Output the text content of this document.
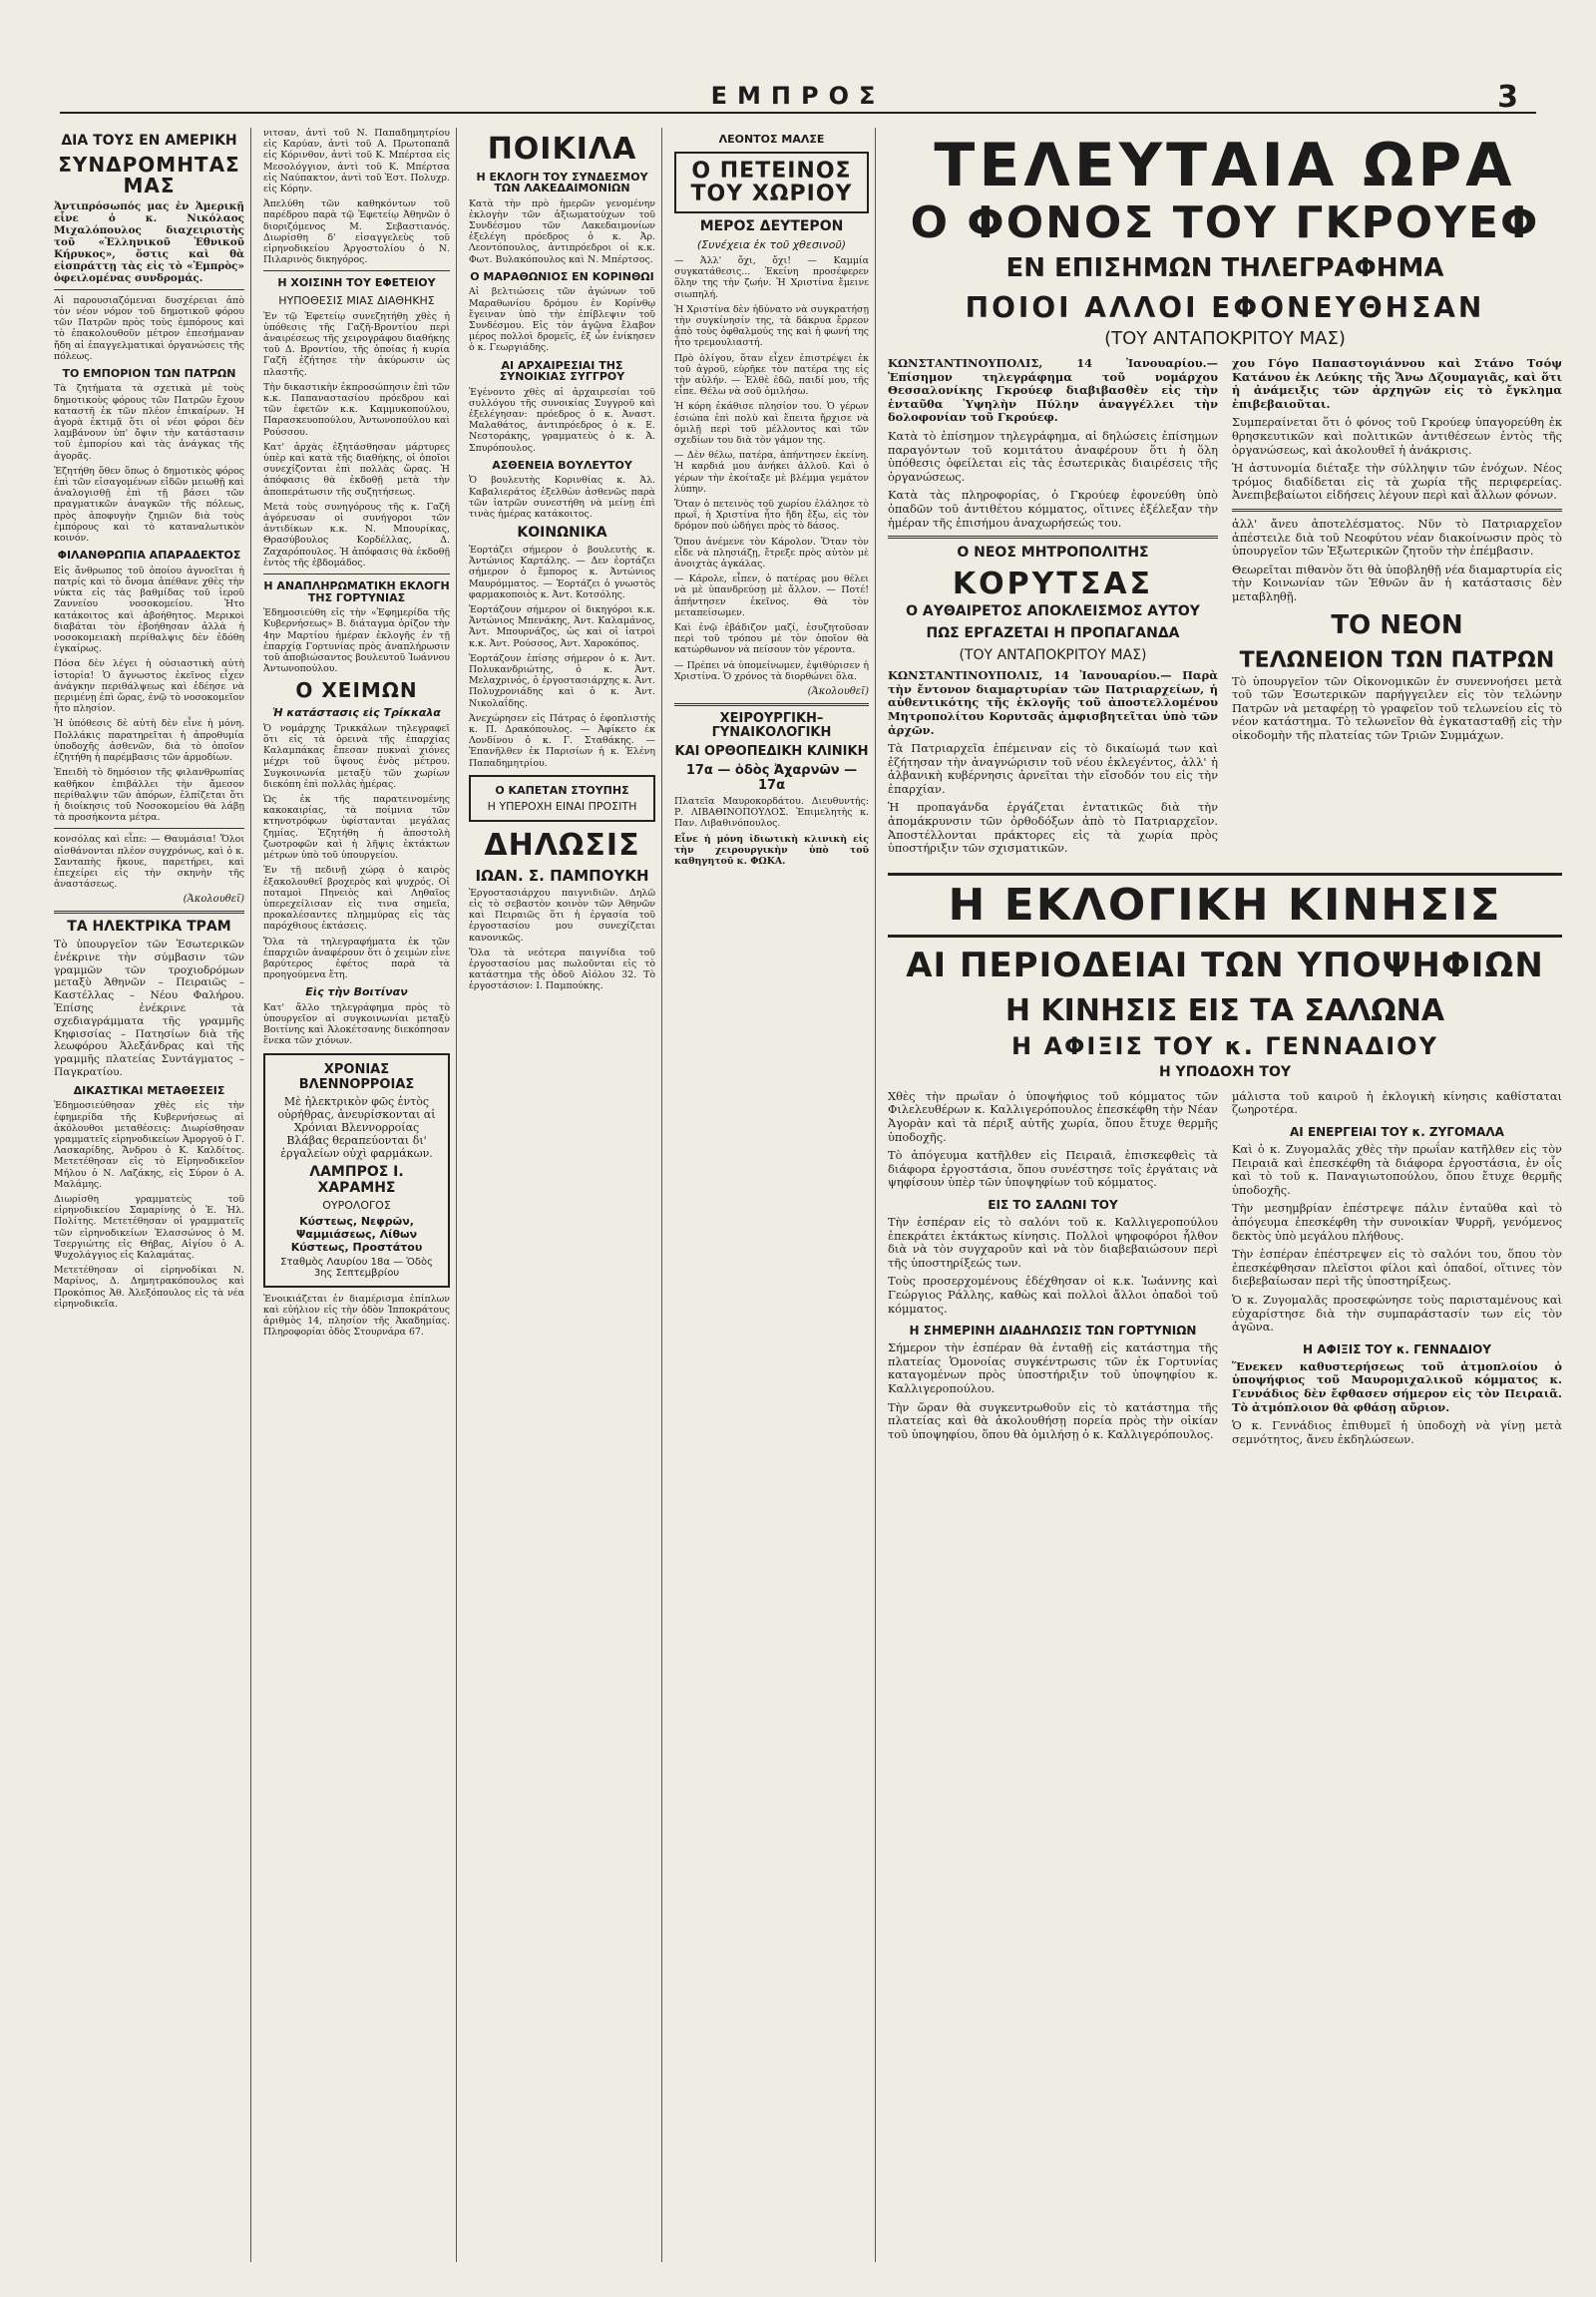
ΕΜΠΡΟΣ	3
ΔΙΑ ΤΟΥΣ ΕΝ ΑΜΕΡΙΚΗ
ΣΥΝΔΡΟΜΗΤΑΣ ΜΑΣ

Ἀντιπρόσωπός μας ἐν Ἀμερικῇ εἶνε ὁ κ. Νικόλαος Μιχαλόπουλος διαχειριστὴς τοῦ «Ἑλληνικοῦ Ἐθνικοῦ Κήρυκος», ὅστις καὶ θὰ εἰσπράττῃ τὰς εἰς τὸ «Ἐμπρὸς» ὀφειλομένας συνδρομάς.

Αἱ παρουσιαζόμεναι δυσχέρειαι ἀπὸ τὸν νέον νόμον τοῦ δημοτικοῦ φόρου τῶν Πατρῶν πρὸς τοὺς ἐμπόρους καὶ τὸ ἐπακολουθοῦν μέτρον ἐπεσήμαναν ἤδη αἱ ἐπαγγελματικαὶ ὀργανώσεις τῆς πόλεως.

ΤΟ ΕΜΠΟΡΙΟΝ ΤΩΝ ΠΑΤΡΩΝ

Τὰ ζητήματα τὰ σχετικὰ μὲ τοὺς δημοτικοὺς φόρους τῶν Πατρῶν ἔχουν καταστῆ ἐκ τῶν πλέον ἐπικαίρων. Ἡ ἀγορὰ ἐκτιμᾷ ὅτι οἱ νέοι φόροι δὲν λαμβάνουν ὑπ' ὄψιν τὴν κατάστασιν τοῦ ἐμπορίου καὶ τὰς ἀνάγκας τῆς ἀγορᾶς.

Ἐζητήθη ὅθεν ὅπως ὁ δημοτικὸς φόρος ἐπὶ τῶν εἰσαγομένων εἰδῶν μειωθῇ καὶ ἀναλογισθῇ ἐπὶ τῇ βάσει τῶν πραγματικῶν ἀναγκῶν τῆς πόλεως, πρὸς ἀποφυγὴν ζημιῶν διὰ τοὺς ἐμπόρους καὶ τὸ καταναλωτικὸν κοινόν.

ΦΙΛΑΝΘΡΩΠΙΑ ΑΠΑΡΑΔΕΚΤΟΣ

Εἰς ἄνθρωπος τοῦ ὁποίου ἀγνοεῖται ἡ πατρίς καὶ τὸ ὄνομα ἀπέθανε χθὲς τὴν νύκτα εἰς τὰς βαθμίδας τοῦ ἱεροῦ Ζαννείου νοσοκομείου. Ἡτο κατάκοιτος καὶ ἀβοήθητος. Μερικοὶ διαβάται τὸν ἐβοήθησαν ἀλλὰ ἡ νοσοκομειακὴ περίθαλψις δὲν ἐδόθη ἐγκαίρως.

Πόσα δὲν λέγει ἡ οὐσιαστικὴ αὐτὴ ἱστορία! Ὁ ἄγνωστος ἐκεῖνος εἶχεν ἀνάγκην περιθάλψεως καὶ ἐδέησε νὰ περιμένῃ ἐπὶ ὥρας, ἐνῷ τὸ νοσοκομεῖον ἦτο πλησίον.

Ἡ ὑπόθεσις δὲ αὐτὴ δὲν εἶνε ἡ μόνη. Πολλάκις παρατηρεῖται ἡ ἀπροθυμία ὑποδοχῆς ἀσθενῶν, διὰ τὸ ὁποῖον ἐζητήθη ἡ παρέμβασις τῶν ἁρμοδίων.

Ἐπειδὴ τὸ δημόσιον τῆς φιλανθρωπίας καθῆκον ἐπιβάλλει τὴν ἄμεσον περίθαλψιν τῶν ἀπόρων, ἐλπίζεται ὅτι ἡ διοίκησις τοῦ Νοσοκομείου θὰ λάβῃ τὰ προσήκοντα μέτρα.

κονσόλας καὶ εἶπε: — Θαυμάσια! Ὅλοι αἰσθάνονται πλέον συγχρόνως, καὶ ὁ κ. Σανταπὴς ἤκουε, παρετήρει, καὶ ἐπεχείρει εἰς τὴν σκηνὴν τῆς ἀναστάσεως.

(Ἀκολουθεῖ)
ΤΑ ΗΛΕΚΤΡΙΚΑ ΤΡΑΜ

Τὸ ὑπουργεῖον τῶν Ἐσωτερικῶν ἐνέκρινε τὴν σύμβασιν τῶν γραμμῶν τῶν τροχιοδρόμων μεταξὺ Ἀθηνῶν – Πειραιῶς – Καστέλλας – Νέου Φαλήρου. Ἐπίσης ἐνέκρινε τὰ σχεδιαγράμματα τῆς γραμμῆς Κηφισσίας – Πατησίων διὰ τῆς λεωφόρου Ἀλεξάνδρας καὶ τῆς γραμμῆς πλατείας Συντάγματος – Παγκρατίου.

ΔΙΚΑΣΤΙΚΑΙ ΜΕΤΑΘΕΣΕΙΣ

Ἐδημοσιεύθησαν χθὲς εἰς τὴν ἐφημερίδα τῆς Κυβερνήσεως αἱ ἀκόλουθοι μεταθέσεις: Διωρίσθησαν γραμματεῖς εἰρηνοδικείων Ἀμοργοῦ ὁ Γ. Λασκαρίδης, Ἄνδρου ὁ Κ. Καλδίτος. Μετετέθησαν εἰς τὸ Εἰρηνοδικεῖον Μήλου ὁ Ν. Λαζάκης, εἰς Σύρον ὁ Α. Μαλάμης.

Διωρίσθη γραμματεὺς τοῦ εἰρηνοδικείου Σαμαρίνης ὁ Ἐ. Ἡλ. Πολίτης. Μετετέθησαν οἱ γραμματεῖς τῶν εἰρηνοδικείων Ἐλασσώνος ὁ Μ. Τσεργιώτης εἰς Θήβας, Αἰγίου ὁ Α. Ψυχολάγγιος εἰς Καλαμάτας.

Μετετέθησαν οἱ εἰρηνοδίκαι Ν. Μαρίνος, Δ. Δημητρακόπουλος καὶ Προκόπιος Ἀθ. Ἀλεξόπουλος εἰς τὰ νέα εἰρηνοδικεῖα.

νιτσαν, ἀντὶ τοῦ Ν. Παπαδημητρίου εἰς Καρύαν, ἀντὶ τοῦ Α. Πρωτοπαπᾶ εἰς Κόρινθον, ἀντὶ τοῦ Κ. Μπέρτσα εἰς Μεσολόγγιον, ἀντὶ τοῦ Κ. Μπέρτσα εἰς Ναύπακτον, ἀντὶ τοῦ Ἐστ. Πολυχρ. εἰς Κόρην.

Ἀπελύθη τῶν καθηκόντων τοῦ παρέδρου παρὰ τῷ Ἐφετείῳ Ἀθηνῶν ὁ διοριζόμενος Μ. Σεβαστιανός. Διωρίσθη δ' εἰσαγγελεὺς τοῦ εἰρηνοδικείου Ἀργοστολίου ὁ Ν. Πιλαρινὸς δικηγόρος.

Η ΧΟΙΣΙΝΗ ΤΟΥ ΕΦΕΤΕΙΟΥ
ΗΥΠΟΘΕΣΙΣ ΜΙΑΣ ΔΙΑΘΗΚΗΣ

Ἐν τῷ Ἐφετείῳ συνεζητήθη χθὲς ἡ ὑπόθεσις τῆς Γαζῆ-Βροντίου περὶ ἀναιρέσεως τῆς χειρογράφου διαθήκης τοῦ Δ. Βροντίου, τῆς ὁποίας ἡ κυρία Γαζῆ ἐζήτησε τὴν ἀκύρωσιν ὡς πλαστῆς.

Τὴν δικαστικὴν ἐκπροσώπησιν ἐπὶ τῶν κ.κ. Παπαναστασίου πρόεδρου καὶ τῶν ἐφετῶν κ.κ. Καμμυκοπούλου, Παρασκευοπούλου, Ἀντωνοπούλου καὶ Ρούσσου.

Κατ' ἀρχὰς ἐξητάσθησαν μάρτυρες ὑπὲρ καὶ κατὰ τῆς διαθήκης, οἱ ὁποῖοι συνεχίζονται ἐπὶ πολλὰς ὥρας. Ἡ ἀπόφασις θὰ ἐκδοθῇ μετὰ τὴν ἀποπεράτωσιν τῆς συζητήσεως.

Μετὰ τοὺς συνηγόρους τῆς κ. Γαζῆ ἀγόρευσαν οἱ συνήγοροι τῶν ἀντιδίκων κ.κ. Ν. Μπουρίκας, Θρασύβουλος Κορδέλλας, Δ. Ζαχαρόπουλος. Ἡ ἀπόφασις θὰ ἐκδοθῇ ἐντὸς τῆς ἐβδομάδος.

Η ΑΝΑΠΛΗΡΩΜΑΤΙΚΗ ΕΚΛΟΓΗ ΤΗΣ ΓΟΡΤΥΝΙΑΣ

Ἐδημοσιεύθη εἰς τὴν «Ἐφημερίδα τῆς Κυβερνήσεως» Β. διάταγμα ὁρίζον τὴν 4ην Μαρτίου ἡμέραν ἐκλογῆς ἐν τῇ ἐπαρχίᾳ Γορτυνίας πρὸς ἀναπλήρωσιν τοῦ ἀποβιώσαντος βουλευτοῦ Ἰωάννου Ἀντωνοπούλου.

Ο ΧΕΙΜΩΝ
Ἡ κατάστασις εἰς Τρίκκαλα

Ὁ νομάρχης Τρικκάλων τηλεγραφεῖ ὅτι εἰς τὰ ὀρεινὰ τῆς ἐπαρχίας Καλαμπάκας ἔπεσαν πυκναὶ χιόνες μέχρι τοῦ ὕψους ἑνὸς μέτρου. Συγκοινωνία μεταξὺ τῶν χωρίων διεκόπη ἐπὶ πολλὰς ἡμέρας.

Ὡς ἐκ τῆς παρατεινομένης κακοκαιρίας, τὰ ποίμνια τῶν κτηνοτρόφων ὑφίστανται μεγάλας ζημίας. Ἐζητήθη ἡ ἀποστολὴ ζωοτροφῶν καὶ ἡ λῆψις ἐκτάκτων μέτρων ὑπὸ τοῦ ὑπουργείου.

Ἐν τῇ πεδινῇ χώρᾳ ὁ καιρὸς ἐξακολουθεῖ βροχερὸς καὶ ψυχρός. Οἱ ποταμοὶ Πηνειὸς καὶ Ληθαῖος ὑπερεχείλισαν εἰς τινα σημεῖα, προκαλέσαντες πλημμύρας εἰς τὰς παρόχθιους ἐκτάσεις.

Ὅλα τὰ τηλεγραφήματα ἐκ τῶν ἐπαρχιῶν ἀναφέρουν ὅτι ὁ χειμὼν εἶνε βαρύτερος ἐφέτος παρὰ τὰ προηγούμενα ἔτη.

Εἰς τὴν Βοιτίναν

Κατ' ἄλλο τηλεγράφημα πρὸς τὸ ὑπουργεῖον αἱ συγκοινωνίαι μεταξὺ Βοιτίνης καὶ Ἀλοκέτσανης διεκόπησαν ἕνεκα τῶν χιόνων.

ΧΡΟΝΙΑΣ ΒΛΕΝΝΟΡΡΟΙΑΣ

Μὲ ἠλεκτρικὸν φῶς ἐντὸς οὐρήθρας, ἀνευρίσκονται αἱ Χρόνιαι Βλεννορροίας Βλάβας θεραπεύονται δι' ἐργαλείων οὐχὶ φαρμάκων.

ΛΑΜΠΡΟΣ Ι. ΧΑΡΑΜΗΣ
ΟΥΡΟΛΟΓΟΣ
Κύστεως, Νεφρῶν, Ψαμμιάσεως, Λίθων Κύστεως, Προστάτου
Σταθμὸς Λαυρίου 18α — Ὁδὸς 3ης Σεπτεμβρίου

Ἐνοικιάζεται ἐν διαμέρισμα ἐπίπλων καὶ εὐήλιον εἰς τὴν ὁδὸν Ἱπποκράτους ἀριθμὸς 14, πλησίον τῆς Ἀκαδημίας. Πληροφορίαι ὁδὸς Στουρνάρα 67.

ΠΟΙΚΙΛΑ
Η ΕΚΛΟΓΗ ΤΟΥ ΣΥΝΔΕΣΜΟΥ ΤΩΝ ΛΑΚΕΔΑΙΜΟΝΙΩΝ

Κατὰ τὴν πρὸ ἡμερῶν γενομένην ἐκλογὴν τῶν ἀξιωματούχων τοῦ Συνδέσμου τῶν Λακεδαιμονίων ἐξελέγη πρόεδρος ὁ κ. Ἀρ. Λεοντόπουλος, ἀντιπρόεδροι οἱ κ.κ. Φωτ. Βυλακόπουλος καὶ Ν. Μπέρτσος.

Ο ΜΑΡΑΘΩΝΙΟΣ ΕΝ ΚΟΡΙΝΘΩΙ

Αἱ βελτιώσεις τῶν ἀγώνων τοῦ Μαραθωνίου δρόμου ἐν Κορίνθῳ ἔγειναν ὑπὸ τὴν ἐπίβλεψιν τοῦ Συνδέσμου. Εἰς τὸν ἀγῶνα ἔλαβον μέρος πολλοὶ δρομεῖς, ἐξ ὧν ἐνίκησεν ὁ κ. Γεωργιάδης.

ΑΙ ΑΡΧΑΙΡΕΣΙΑΙ ΤΗΣ ΣΥΝΟΙΚΙΑΣ ΣΥΓΓΡΟΥ

Ἐγένοντο χθὲς αἱ ἀρχαιρεσίαι τοῦ συλλόγου τῆς συνοικίας Συγγροῦ καὶ ἐξελέγησαν: πρόεδρος ὁ κ. Ἀναστ. Μαλαθάτος, ἀντιπρόεδρος ὁ κ. Ε. Νεστοράκης, γραμματεὺς ὁ κ. Ἀ. Σπυρόπουλος.

ΑΣΘΕΝΕΙΑ ΒΟΥΛΕΥΤΟΥ

Ὁ βουλευτὴς Κορινθίας κ. Ἀλ. Καβαλιεράτος ἐξελθὼν ἀσθενῶς παρὰ τῶν ἰατρῶν συνεστήθη νὰ μείνῃ ἐπὶ τινὰς ἡμέρας κατάκοιτος.

ΚΟΙΝΩΝΙΚΑ

Ἑορτάζει σήμερον ὁ βουλευτὴς κ. Ἀντώνιος Καρτάλης. — Δεν ἑορτάζει σήμερον ὁ ἔμπορος κ. Ἀντώνιος Μαυρόμματος. — Ἑορτάζει ὁ γνωστὸς φαρμακοποιὸς κ. Ἀντ. Κοτσόλης.

Ἑορτάζουν σήμερον οἱ δικηγόροι κ.κ. Ἀντώνιος Μπενάκης, Ἀντ. Καλαμάνος, Ἀντ. Μπουρνάζος, ὡς καὶ οἱ ἰατροὶ κ.κ. Ἀντ. Ρούσσος, Ἀντ. Χαροκόπος.

Ἑορτάζουν ἐπίσης σήμερον ὁ κ. Ἀντ. Πολυκανδριώτης, ὁ κ. Ἀντ. Μελαχρινός, ὁ ἐργοστασιάρχης κ. Ἀντ. Πολυχρονιάδης καὶ ὁ κ. Ἀντ. Νικολαΐδης.

Ἀνεχώρησεν εἰς Πάτρας ὁ ἐφοπλιστὴς κ. Π. Δρακόπουλος. — Ἀφίκετο ἐκ Λονδίνου ὁ κ. Γ. Σταθάκης. — Ἐπανῆλθεν ἐκ Παρισίων ἡ κ. Ἑλένη Παπαδημητρίου.

Ο ΚΑΠΕΤΑΝ ΣΤΟΥΠΗΣ
Η ΥΠΕΡΟΧΗ ΕΙΝΑΙ ΠΡΟΣΙΤΗ
ΔΗΛΩΣΙΣ
ΙΩΑΝ. Σ. ΠΑΜΠΟΥΚΗ

Ἐργοστασιάρχου παιγνιδιῶν. Δηλῶ εἰς τὸ σεβαστὸν κοινὸν τῶν Ἀθηνῶν καὶ Πειραιῶς ὅτι ἡ ἐργασία τοῦ ἐργοστασίου μου συνεχίζεται κανονικῶς.

Ὅλα τὰ νεότερα παιγνίδια τοῦ ἐργοστασίου μας πωλοῦνται εἰς τὸ κατάστημα τῆς ὁδοῦ Αἰόλου 32. Τὸ ἐργοστάσιον: Ι. Παμπούκης.

ΛΕΟΝΤΟΣ ΜΑΛΣΕ
Ο ΠΕΤΕΙΝΟΣ ΤΟΥ ΧΩΡΙΟΥ
ΜΕΡΟΣ ΔΕΥΤΕΡΟΝ
(Συνέχεια ἐκ τοῦ χθεσινοῦ)

— Ἀλλ' ὄχι, ὄχι! — Καμμία συγκατάθεσις... Ἐκείνη προσέφερεν ὅλην της τὴν ζωήν. Ἡ Χριστίνα ἔμεινε σιωπηλή.

Ἡ Χριστίνα δὲν ἠδύνατο νὰ συγκρατήσῃ τὴν συγκίνησίν της, τὰ δάκρυα ἔρρεον ἀπὸ τοὺς ὀφθαλμούς της καὶ ἡ φωνή της ἦτο τρεμουλιαστή.

Πρὸ ὀλίγου, ὅταν εἶχεν ἐπιστρέψει ἐκ τοῦ ἀγροῦ, εὑρῆκε τὸν πατέρα της εἰς τὴν αὐλήν. — Ἐλθὲ ἐδῶ, παιδί μου, τῆς εἶπε. Θέλω νὰ σοῦ ὁμιλήσω.

Ἡ κόρη ἐκάθισε πλησίον του. Ὁ γέρων ἐσιώπα ἐπὶ πολὺ καὶ ἔπειτα ἤρχισε νὰ ὁμιλῇ περὶ τοῦ μέλλοντος καὶ τῶν σχεδίων του διὰ τὸν γάμον της.

— Δὲν θέλω, πατέρα, ἀπήντησεν ἐκείνη. Ἡ καρδιά μου ἀνήκει ἀλλοῦ. Καὶ ὁ γέρων τὴν ἐκοίταξε μὲ βλέμμα γεμάτον λύπην.

Ὅταν ὁ πετεινὸς τοῦ χωρίου ἐλάλησε τὸ πρωΐ, ἡ Χριστίνα ἦτο ἤδη ἔξω, εἰς τὸν δρόμον ποὺ ὡδήγει πρὸς τὸ δάσος.

Ὅπου ἀνέμενε τὸν Κάρολον. Ὅταν τὸν εἶδε νὰ πλησιάζῃ, ἔτρεξε πρὸς αὐτὸν μὲ ἀνοιχτὰς ἀγκάλας.

— Κάρολε, εἶπεν, ὁ πατέρας μου θέλει νὰ μὲ ὑπανδρεύσῃ μὲ ἄλλον. — Ποτέ! ἀπήντησεν ἐκεῖνος. Θὰ τὸν μεταπείσωμεν.

Καὶ ἐνῷ ἐβάδιζον μαζί, ἐσυζητοῦσαν περὶ τοῦ τρόπου μὲ τὸν ὁποῖον θὰ κατώρθωνον νὰ πείσουν τὸν γέροντα.

— Πρέπει νὰ ὑπομείνωμεν, ἐψιθύρισεν ἡ Χριστίνα. Ὁ χρόνος τὰ διορθώνει ὅλα.

(Ἀκολουθεῖ)
ΧΕΙΡΟΥΡΓΙΚΗ–ΓΥΝΑΙΚΟΛΟΓΙΚΗ
ΚΑΙ ΟΡΘΟΠΕΔΙΚΗ ΚΛΙΝΙΚΗ
17α — ὁδὸς Ἀχαρνῶν — 17α

Πλατεῖα Μαυροκορδάτου. Διευθυντής: Ρ. ΛΙΒΑΘΙΝΟΠΟΥΛΟΣ. Ἐπιμελητὴς κ. Παν. Λιβαθινόπουλος.

Εἶνε ἡ μόνη ἰδιωτικὴ κλινικὴ εἰς τὴν χειρουργικὴν ὑπὸ τοῦ καθηγητοῦ κ. ΦΩΚΑ.

ΤΕΛΕΥΤΑΙΑ ΩΡΑ
Ο ΦΟΝΟΣ ΤΟΥ ΓΚΡΟΥΕΦ
ΕΝ ΕΠΙΣΗΜΩΝ ΤΗΛΕΓΡΑΦΗΜΑ
ΠΟΙΟΙ ΑΛΛΟΙ ΕΦΟΝΕΥΘΗΣΑΝ
(ΤΟΥ ΑΝΤΑΠΟΚΡΙΤΟΥ ΜΑΣ)

ΚΩΝΣΤΑΝΤΙΝΟΥΠΟΛΙΣ, 14 Ἰανουαρίου.— Ἐπίσημον τηλεγράφημα τοῦ νομάρχου Θεσσαλονίκης Γκρούεφ διαβιβασθὲν εἰς τὴν ἐνταῦθα Ὑψηλὴν Πύλην ἀναγγέλλει τὴν δολοφονίαν τοῦ Γκρούεφ.

Κατὰ τὸ ἐπίσημον τηλεγράφημα, αἱ δηλώσεις ἐπίσημων παραγόντων τοῦ κομιτάτου ἀναφέρουν ὅτι ἡ ὅλη ὑπόθεσις ὀφείλεται εἰς τὰς ἐσωτερικὰς διαιρέσεις τῆς ὀργανώσεως.

Κατὰ τὰς πληροφορίας, ὁ Γκρούεφ ἐφονεύθη ὑπὸ ὀπαδῶν τοῦ ἀντιθέτου κόμματος, οἵτινες ἐξέλεξαν τὴν ἡμέραν τῆς ἐπισήμου ἀναχωρήσεώς του.

Ο ΝΕΟΣ ΜΗΤΡΟΠΟΛΙΤΗΣ
ΚΟΡΥΤΣΑΣ
Ο ΑΥΘΑΙΡΕΤΟΣ ΑΠΟΚΛΕΙΣΜΟΣ ΑΥΤΟΥ
ΠΩΣ ΕΡΓΑΖΕΤΑΙ Η ΠΡΟΠΑΓΑΝΔΑ
(ΤΟΥ ΑΝΤΑΠΟΚΡΙΤΟΥ ΜΑΣ)

ΚΩΝΣΤΑΝΤΙΝΟΥΠΟΛΙΣ, 14 Ἰανουαρίου.— Παρὰ τὴν ἔντονον διαμαρτυρίαν τῶν Πατριαρχείων, ἡ αὐθεντικότης τῆς ἐκλογῆς τοῦ ἀποστελλομένου Μητροπολίτου Κορυτσᾶς ἀμφισβητεῖται ὑπὸ τῶν ἀρχῶν.

Τὰ Πατριαρχεῖα ἐπέμειναν εἰς τὸ δικαίωμά των καὶ ἐζήτησαν τὴν ἀναγνώρισιν τοῦ νέου ἐκλεγέντος, ἀλλ' ἡ ἀλβανικὴ κυβέρνησις ἀρνεῖται τὴν εἴσοδόν του εἰς τὴν ἐπαρχίαν.

Ἡ προπαγάνδα ἐργάζεται ἐντατικῶς διὰ τὴν ἀπομάκρυνσιν τῶν ὀρθοδόξων ἀπὸ τὸ Πατριαρχεῖον. Ἀποστέλλονται πράκτορες εἰς τὰ χωρία πρὸς ὑποστήριξιν τῶν σχισματικῶν.

χου Γόγο Παπαστογιάννου καὶ Στάνο Τσόψ Κατάνου ἐκ Λεύκης τῆς Ἄνω Δζουμαγιᾶς, καὶ ὅτι ἡ ἀνάμειξις τῶν ἀρχηγῶν εἰς τὸ ἔγκλημα ἐπιβεβαιοῦται.

Συμπεραίνεται ὅτι ὁ φόνος τοῦ Γκρούεφ ὑπαγορεύθη ἐκ θρησκευτικῶν καὶ πολιτικῶν ἀντιθέσεων ἐντὸς τῆς ὀργανώσεως, καὶ ἀκολουθεῖ ἡ ἀνάκρισις.

Ἡ ἀστυνομία διέταξε τὴν σύλληψιν τῶν ἐνόχων. Νέος τρόμος διαδίδεται εἰς τὰ χωρία τῆς περιφερείας. Ἀνεπιβεβαίωτοι εἰδήσεις λέγουν περὶ καὶ ἄλλων φόνων.

ἀλλ' ἄνευ ἀποτελέσματος. Νῦν τὸ Πατριαρχεῖον ἀπέστειλε διὰ τοῦ Νεοφύτου νέαν διακοίνωσιν πρὸς τὸ ὑπουργεῖον τῶν Ἐξωτερικῶν ζητοῦν τὴν ἐπέμβασιν.

Θεωρεῖται πιθανὸν ὅτι θὰ ὑποβληθῇ νέα διαμαρτυρία εἰς τὴν Κοινωνίαν τῶν Ἐθνῶν ἂν ἡ κατάστασις δὲν μεταβληθῇ.

ΤΟ ΝΕΟΝ
ΤΕΛΩΝΕΙΟΝ ΤΩΝ ΠΑΤΡΩΝ

Τὸ ὑπουργεῖον τῶν Οἰκονομικῶν ἐν συνεννοήσει μετὰ τοῦ τῶν Ἐσωτερικῶν παρήγγειλεν εἰς τὸν τελώνην Πατρῶν νὰ μεταφέρῃ τὸ γραφεῖον τοῦ τελωνείου εἰς τὸ νέον κατάστημα. Τὸ τελωνεῖον θὰ ἐγκατασταθῇ εἰς τὴν οἰκοδομὴν τῆς πλατείας τῶν Τριῶν Συμμάχων.

Η ΕΚΛΟΓΙΚΗ ΚΙΝΗΣΙΣ
ΑΙ ΠΕΡΙΟΔΕΙΑΙ ΤΩΝ ΥΠΟΨΗΦΙΩΝ
Η ΚΙΝΗΣΙΣ ΕΙΣ ΤΑ ΣΑΛΩΝΑ
Η ΑΦΙΞΙΣ ΤΟΥ κ. ΓΕΝΝΑΔΙΟΥ
Η ΥΠΟΔΟΧΗ ΤΟΥ

Χθὲς τὴν πρωΐαν ὁ ὑποψήφιος τοῦ κόμματος τῶν Φιλελευθέρων κ. Καλλιγερόπουλος ἐπεσκέφθη τὴν Νέαν Ἀγορὰν καὶ τὰ πέριξ αὐτῆς χωρία, ὅπου ἔτυχε θερμῆς ὑποδοχῆς.

Τὸ ἀπόγευμα κατῆλθεν εἰς Πειραιᾶ, ἐπισκεφθεὶς τὰ διάφορα ἐργοστάσια, ὅπου συνέστησε τοῖς ἐργάταις νὰ ψηφίσουν ὑπὲρ τῶν ὑποψηφίων τοῦ κόμματος.

ΕΙΣ ΤΟ ΣΑΛΩΝΙ ΤΟΥ

Τὴν ἑσπέραν εἰς τὸ σαλόνι τοῦ κ. Καλλιγεροπούλου ἐπεκράτει ἐκτάκτως κίνησις. Πολλοὶ ψηφοφόροι ἦλθον διὰ νὰ τὸν συγχαροῦν καὶ νὰ τὸν διαβεβαιώσουν περὶ τῆς ὑποστηρίξεώς των.

Τοὺς προσερχομένους ἐδέχθησαν οἱ κ.κ. Ἰωάννης καὶ Γεώργιος Ράλλης, καθὼς καὶ πολλοὶ ἄλλοι ὀπαδοὶ τοῦ κόμματος.

Η ΣΗΜΕΡΙΝΗ ΔΙΑΔΗΛΩΣΙΣ ΤΩΝ ΓΟΡΤΥΝΙΩΝ

Σήμερον τὴν ἑσπέραν θὰ ἐνταθῇ εἰς κατάστημα τῆς πλατείας Ὁμονοίας συγκέντρωσις τῶν ἐκ Γορτυνίας καταγομένων πρὸς ὑποστήριξιν τοῦ ὑποψηφίου κ. Καλλιγεροπούλου.

Τὴν ὥραν θὰ συγκεντρωθοῦν εἰς τὸ κατάστημα τῆς πλατείας καὶ θὰ ἀκολουθήσῃ πορεία πρὸς τὴν οἰκίαν τοῦ ὑποψηφίου, ὅπου θὰ ὁμιλήσῃ ὁ κ. Καλλιγερόπουλος.

μάλιστα τοῦ καιροῦ ἡ ἐκλογικὴ κίνησις καθίσταται ζωηροτέρα.

ΑΙ ΕΝΕΡΓΕΙΑΙ ΤΟΥ κ. ΖΥΓΟΜΑΛΑ

Καὶ ὁ κ. Ζυγομαλᾶς χθὲς τὴν πρωΐαν κατῆλθεν εἰς τὸν Πειραιᾶ καὶ ἐπεσκέφθη τὰ διάφορα ἐργοστάσια, ἐν οἷς καὶ τὸ τοῦ κ. Παναγιωτοπούλου, ὅπου ἔτυχε θερμῆς ὑποδοχῆς.

Τὴν μεσημβρίαν ἐπέστρεψε πάλιν ἐνταῦθα καὶ τὸ ἀπόγευμα ἐπεσκέφθη τὴν συνοικίαν Ψυρρῆ, γενόμενος δεκτὸς ὑπὸ μεγάλου πλήθους.

Τὴν ἑσπέραν ἐπέστρεψεν εἰς τὸ σαλόνι του, ὅπου τὸν ἐπεσκέφθησαν πλεῖστοι φίλοι καὶ ὀπαδοί, οἵτινες τὸν διεβεβαίωσαν περὶ τῆς ὑποστηρίξεως.

Ὁ κ. Ζυγομαλᾶς προσεφώνησε τοὺς παρισταμένους καὶ εὐχαρίστησε διὰ τὴν συμπαράστασίν των εἰς τὸν ἀγῶνα.

Η ΑΦΙΞΙΣ ΤΟΥ κ. ΓΕΝΝΑΔΙΟΥ

Ἕνεκεν καθυστερήσεως τοῦ ἀτμοπλοίου ὁ ὑποψήφιος τοῦ Μαυρομιχαλικοῦ κόμματος κ. Γεννάδιος δὲν ἔφθασεν σήμερον εἰς τὸν Πειραιᾶ. Τὸ ἀτμόπλοιον θὰ φθάσῃ αὔριον.

Ὁ κ. Γεννάδιος ἐπιθυμεῖ ἡ ὑποδοχὴ νὰ γίνῃ μετὰ σεμνότητος, ἄνευ ἐκδηλώσεων.
